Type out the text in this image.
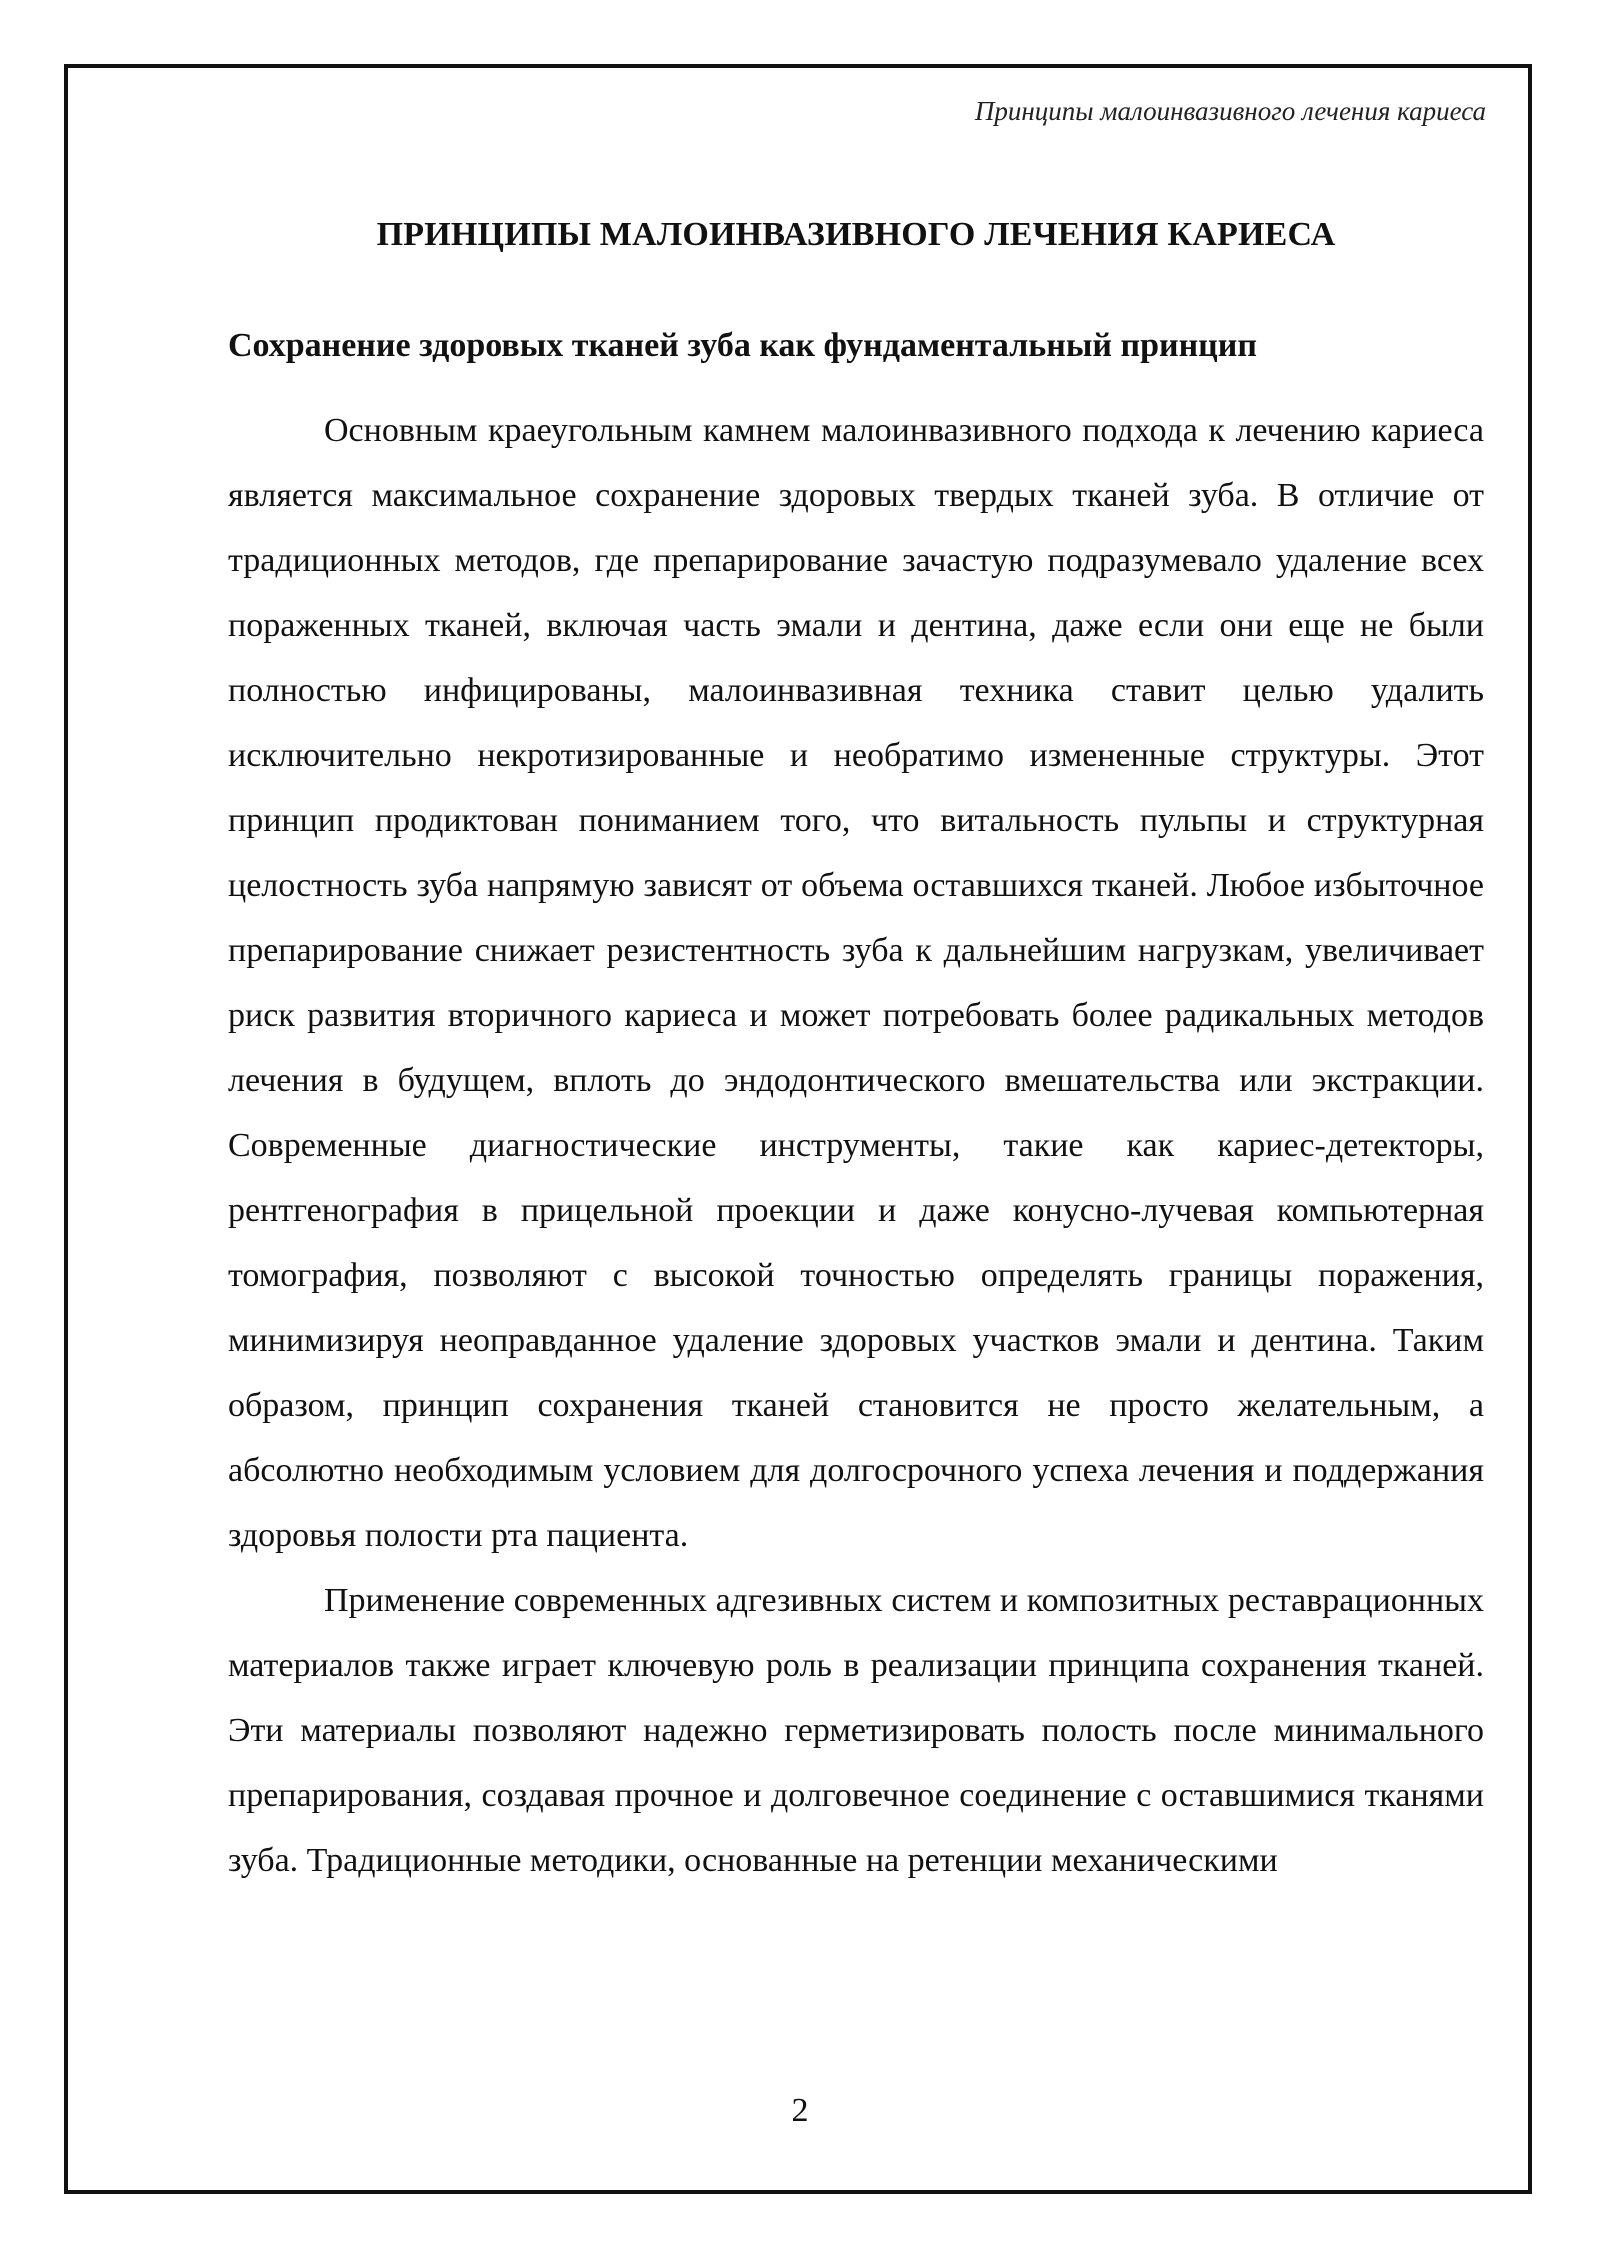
Принципы малоинвазивного лечения кариеса
ПРИНЦИПЫ МАЛОИНВАЗИВНОГО ЛЕЧЕНИЯ КАРИЕСА
Сохранение здоровых тканей зуба как фундаментальный принцип

Основным краеугольным камнем малоинвазивного подхода к лечению кариеса является максимальное сохранение здоровых твердых тканей зуба. В отличие от традиционных методов, где препарирование зачастую подразумевало удаление всех пораженных тканей, включая часть эмали и дентина, даже если они еще не были полностью инфицированы, малоинвазивная техника ставит целью удалить исключительно некротизированные и необратимо измененные структуры. Этот принцип продиктован пониманием того, что витальность пульпы и структурная целостность зуба напрямую зависят от объема оставшихся тканей. Любое избыточное препарирование снижает резистентность зуба к дальнейшим нагрузкам, увеличивает риск развития вторичного кариеса и может потребовать более радикальных методов лечения в будущем, вплоть до эндодонтического вмешательства или экстракции. Современные диагностические инструменты, такие как кариес-детекторы, рентгенография в прицельной проекции и даже конусно-лучевая компьютерная томография, позволяют с высокой точностью определять границы поражения, минимизируя неоправданное удаление здоровых участков эмали и дентина. Таким образом, принцип сохранения тканей становится не просто желательным, а абсолютно необходимым условием для долгосрочного успеха лечения и поддержания здоровья полости рта пациента.

Применение современных адгезивных систем и композитных реставрационных материалов также играет ключевую роль в реализации принципа сохранения тканей. Эти материалы позволяют надежно герметизировать полость после минимального препарирования, создавая прочное и долговечное соединение с оставшимися тканями зуба. Традиционные методики, основанные на ретенции механическими

2
